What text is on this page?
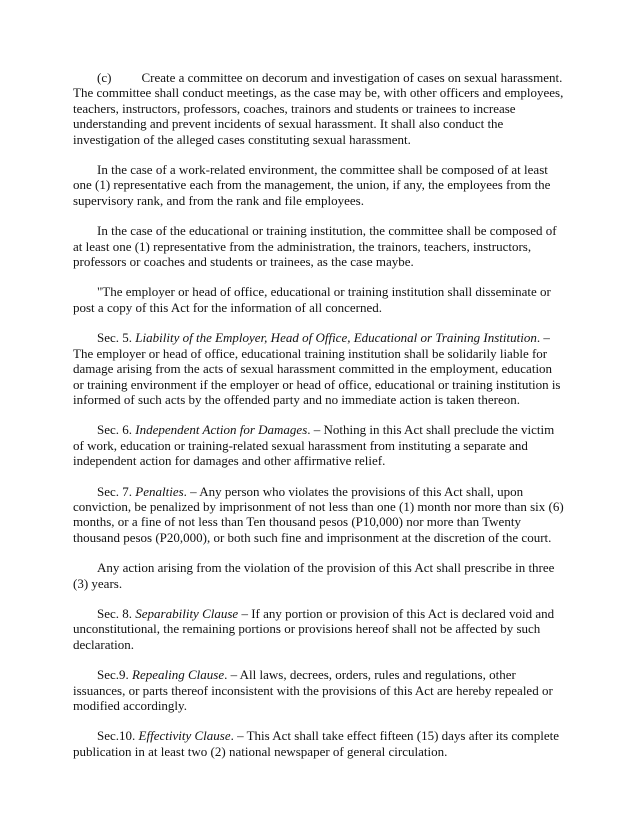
(c) Create a committee on decorum and investigation of cases on sexual harassment. The committee shall conduct meetings, as the case may be, with other officers and employees, teachers, instructors, professors, coaches, trainors and students or trainees to increase understanding and prevent incidents of sexual harassment. It shall also conduct the investigation of the alleged cases constituting sexual harassment.

In the case of a work-related environment, the committee shall be composed of at least one (1) representative each from the management, the union, if any, the employees from the supervisory rank, and from the rank and file employees.

In the case of the educational or training institution, the committee shall be composed of at least one (1) representative from the administration, the trainors, teachers, instructors, professors or coaches and students or trainees, as the case maybe.

"The employer or head of office, educational or training institution shall disseminate or post a copy of this Act for the information of all concerned.

Sec. 5. Liability of the Employer, Head of Office, Educational or Training Institution. – The employer or head of office, educational training institution shall be solidarily liable for damage arising from the acts of sexual harassment committed in the employment, education or training environment if the employer or head of office, educational or training institution is informed of such acts by the offended party and no immediate action is taken thereon.

Sec. 6. Independent Action for Damages. – Nothing in this Act shall preclude the victim of work, education or training-related sexual harassment from instituting a separate and independent action for damages and other affirmative relief.

Sec. 7. Penalties. – Any person who violates the provisions of this Act shall, upon conviction, be penalized by imprisonment of not less than one (1) month nor more than six (6) months, or a fine of not less than Ten thousand pesos (P10,000) nor more than Twenty thousand pesos (P20,000), or both such fine and imprisonment at the discretion of the court.

Any action arising from the violation of the provision of this Act shall prescribe in three (3) years.

Sec. 8. Separability Clause – If any portion or provision of this Act is declared void and unconstitutional, the remaining portions or provisions hereof shall not be affected by such declaration.

Sec.9. Repealing Clause. – All laws, decrees, orders, rules and regulations, other issuances, or parts thereof inconsistent with the provisions of this Act are hereby repealed or modified accordingly.

Sec.10. Effectivity Clause. – This Act shall take effect fifteen (15) days after its complete publication in at least two (2) national newspaper of general circulation.
